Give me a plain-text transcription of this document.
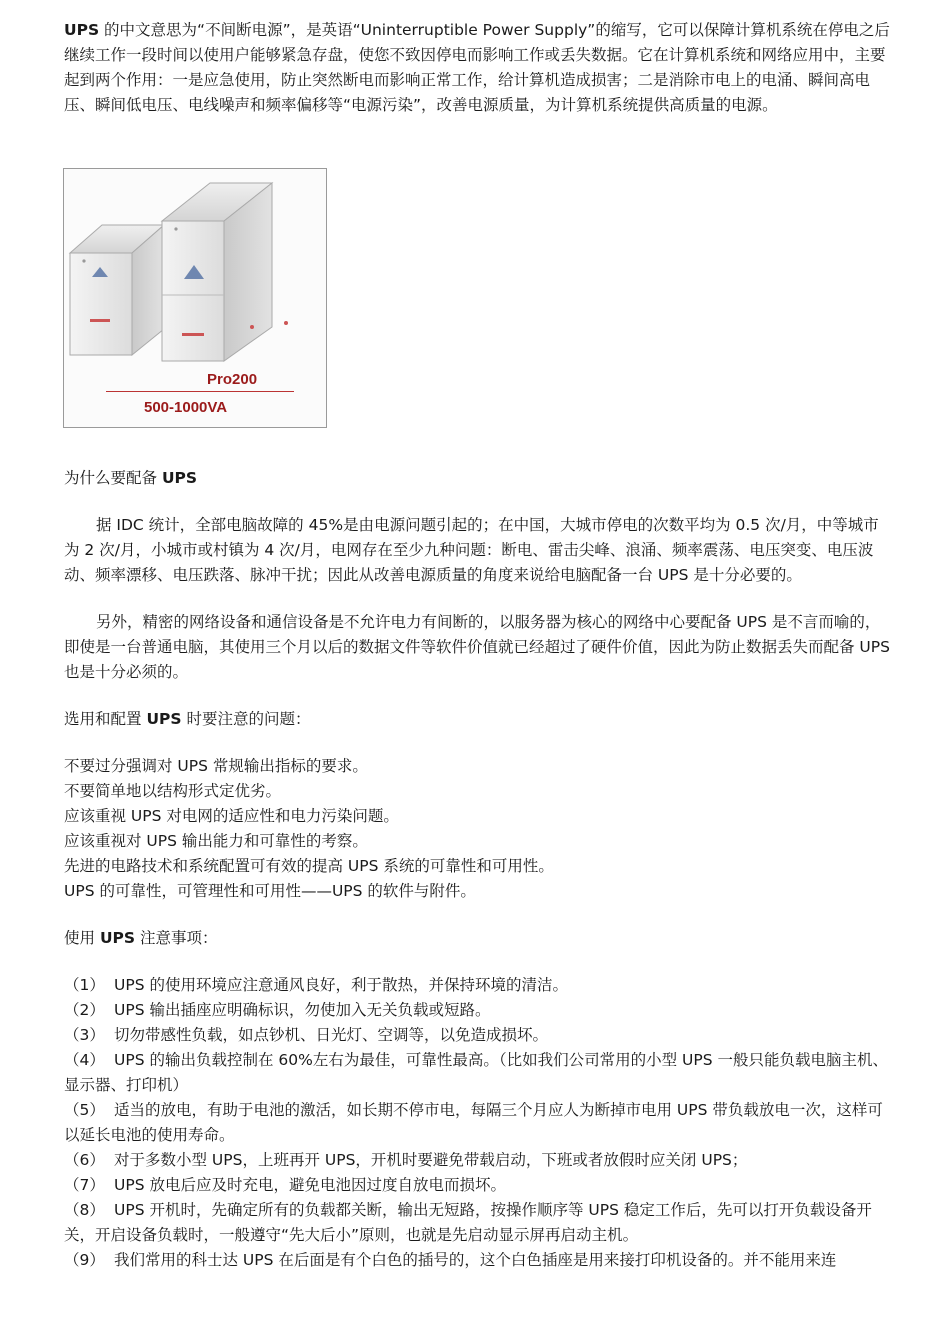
UPS 的中文意思为“不间断电源”，是英语“Uninterruptible Power Supply”的缩写，它可以保障计算机系统在停电之后继续工作一段时间以使用户能够紧急存盘，使您不致因停电而影响工作或丢失数据。它在计算机系统和网络应用中，主要起到两个作用：一是应急使用，防止突然断电而影响正常工作，给计算机造成损害；二是消除市电上的电涌、瞬间高电压、瞬间低电压、电线噪声和频率偏移等“电源污染”，改善电源质量，为计算机系统提供高质量的电源。

Pro200
500-1000VA

为什么要配备 UPS

据 IDC 统计，全部电脑故障的 45%是由电源问题引起的；在中国，大城市停电的次数平均为 0.5 次/月，中等城市为 2 次/月，小城市或村镇为 4 次/月，电网存在至少九种问题：断电、雷击尖峰、浪涌、频率震荡、电压突变、电压波动、频率漂移、电压跌落、脉冲干扰；因此从改善电源质量的角度来说给电脑配备一台 UPS 是十分必要的。

另外，精密的网络设备和通信设备是不允许电力有间断的，以服务器为核心的网络中心要配备 UPS 是不言而喻的，即使是一台普通电脑，其使用三个月以后的数据文件等软件价值就已经超过了硬件价值，因此为防止数据丢失而配备 UPS 也是十分必须的。

选用和配置 UPS 时要注意的问题：

不要过分强调对 UPS 常规输出指标的要求。

不要简单地以结构形式定优劣。

应该重视 UPS 对电网的适应性和电力污染问题。

应该重视对 UPS 输出能力和可靠性的考察。

先进的电路技术和系统配置可有效的提高 UPS 系统的可靠性和可用性。

UPS 的可靠性，可管理性和可用性——UPS 的软件与附件。

使用 UPS 注意事项：

（1） UPS 的使用环境应注意通风良好，利于散热，并保持环境的清洁。

（2） UPS 输出插座应明确标识，勿使加入无关负载或短路。

（3） 切勿带感性负载，如点钞机、日光灯、空调等，以免造成损坏。

（4） UPS 的输出负载控制在 60%左右为最佳，可靠性最高。（比如我们公司常用的小型 UPS 一般只能负载电脑主机、显示器、打印机）

（5） 适当的放电，有助于电池的激活，如长期不停市电，每隔三个月应人为断掉市电用 UPS 带负载放电一次，这样可以延长电池的使用寿命。

（6） 对于多数小型 UPS，上班再开 UPS，开机时要避免带载启动，下班或者放假时应关闭 UPS；

（7） UPS 放电后应及时充电，避免电池因过度自放电而损坏。

（8） UPS 开机时，先确定所有的负载都关断，输出无短路，按操作顺序等 UPS 稳定工作后，先可以打开负载设备开关，开启设备负载时，一般遵守“先大后小”原则，也就是先启动显示屏再启动主机。

（9） 我们常用的科士达 UPS 在后面是有个白色的插号的，这个白色插座是用来接打印机设备的。并不能用来连
